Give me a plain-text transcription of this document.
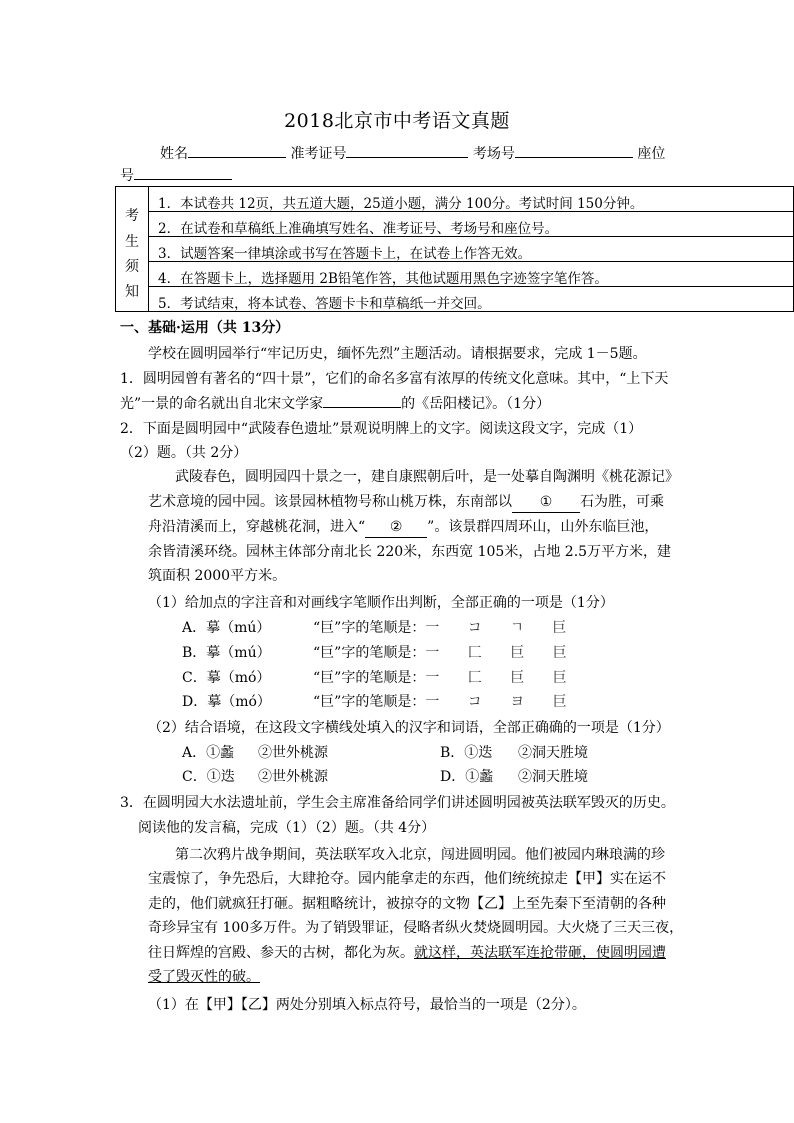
2018北京市中考语文真题
姓名	准考证号	考场号	座位
号
考
生
须
知
1．本试卷共 12页，共五道大题，25道小题，满分 100分。考试时间 150分钟。
2．在试卷和草稿纸上准确填写姓名、准考证号、考场号和座位号。
3．试题答案一律填涂或书写在答题卡上，在试卷上作答无效。
4．在答题卡上，选择题用 2B铅笔作答，其他试题用黑色字迹签字笔作答。
5．考试结束，将本试卷、答题卡卡和草稿纸一并交回。
一、基础·运用（共 13分）
学校在圆明园举行“牢记历史，缅怀先烈”主题活动。请根据要求，完成 1－5题。
1．圆明园曾有著名的“四十景”，它们的命名多富有浓厚的传统文化意味。其中，“上下天
光”一景的命名就出自北宋文学家	的《岳阳楼记》。（1分）
2．下面是圆明园中“武陵春色遗址”景观说明牌上的文字。阅读这段文字，完成（1）
（2）题。（共 2分）
武陵春色，圆明园四十景之一，建自康熙朝后叶，是一处摹自陶渊明《桃花源记》
艺术意境的园中园。该景园林植物号称山桃万株，东南部以 ① 石为胜，可乘
舟沿清溪而上，穿越桃花洞，进入“ ② ”。该景群四周环山，山外东临巨池，
余皆清溪环绕。园林主体部分南北长 220米，东西宽 105米，占地 2.5万平方米，建
筑面积 2000平方米。
（1）给加点的字注音和对画线字笔顺作出判断，全部正确的一项是（1分）
A．摹（mú）	“巨”字的笔顺是：一 コ ㄱ 巨
B．摹（mú）	“巨”字的笔顺是：一 匚 巨 巨
C．摹（mó）	“巨”字的笔顺是：一 匚 巨 巨
D．摹（mó）	“巨”字的笔顺是：一 コ ヨ 巨
（2）结合语境，在这段文字横线处填入的汉字和词语，全部正确确的一项是（1分）
A．①蠡 ②世外桃源	B．①迭 ②洞天胜境
C．①迭 ②世外桃源	D．①蠡 ②洞天胜境
3．在圆明园大水法遗址前，学生会主席准备给同学们讲述圆明园被英法联军毁灭的历史。
阅读他的发言稿，完成（1）（2）题。（共 4分）
第二次鸦片战争期间，英法联军攻入北京，闯进圆明园。他们被园内琳琅满的珍
宝震惊了，争先恐后，大肆抢夺。园内能拿走的东西，他们统统掠走【甲】实在运不
走的，他们就疯狂打砸。据粗略统计，被掠夺的文物【乙】上至先秦下至清朝的各种
奇珍异宝有 100多万件。为了销毁罪证，侵略者纵火焚烧圆明园。大火烧了三天三夜，
往日辉煌的宫殿、参天的古树，都化为灰。就这样，英法联军连抢带砸，使圆明园遭
受了毁灭性的破。
（1）在【甲】【乙】两处分别填入标点符号，最恰当的一项是（2分）。
